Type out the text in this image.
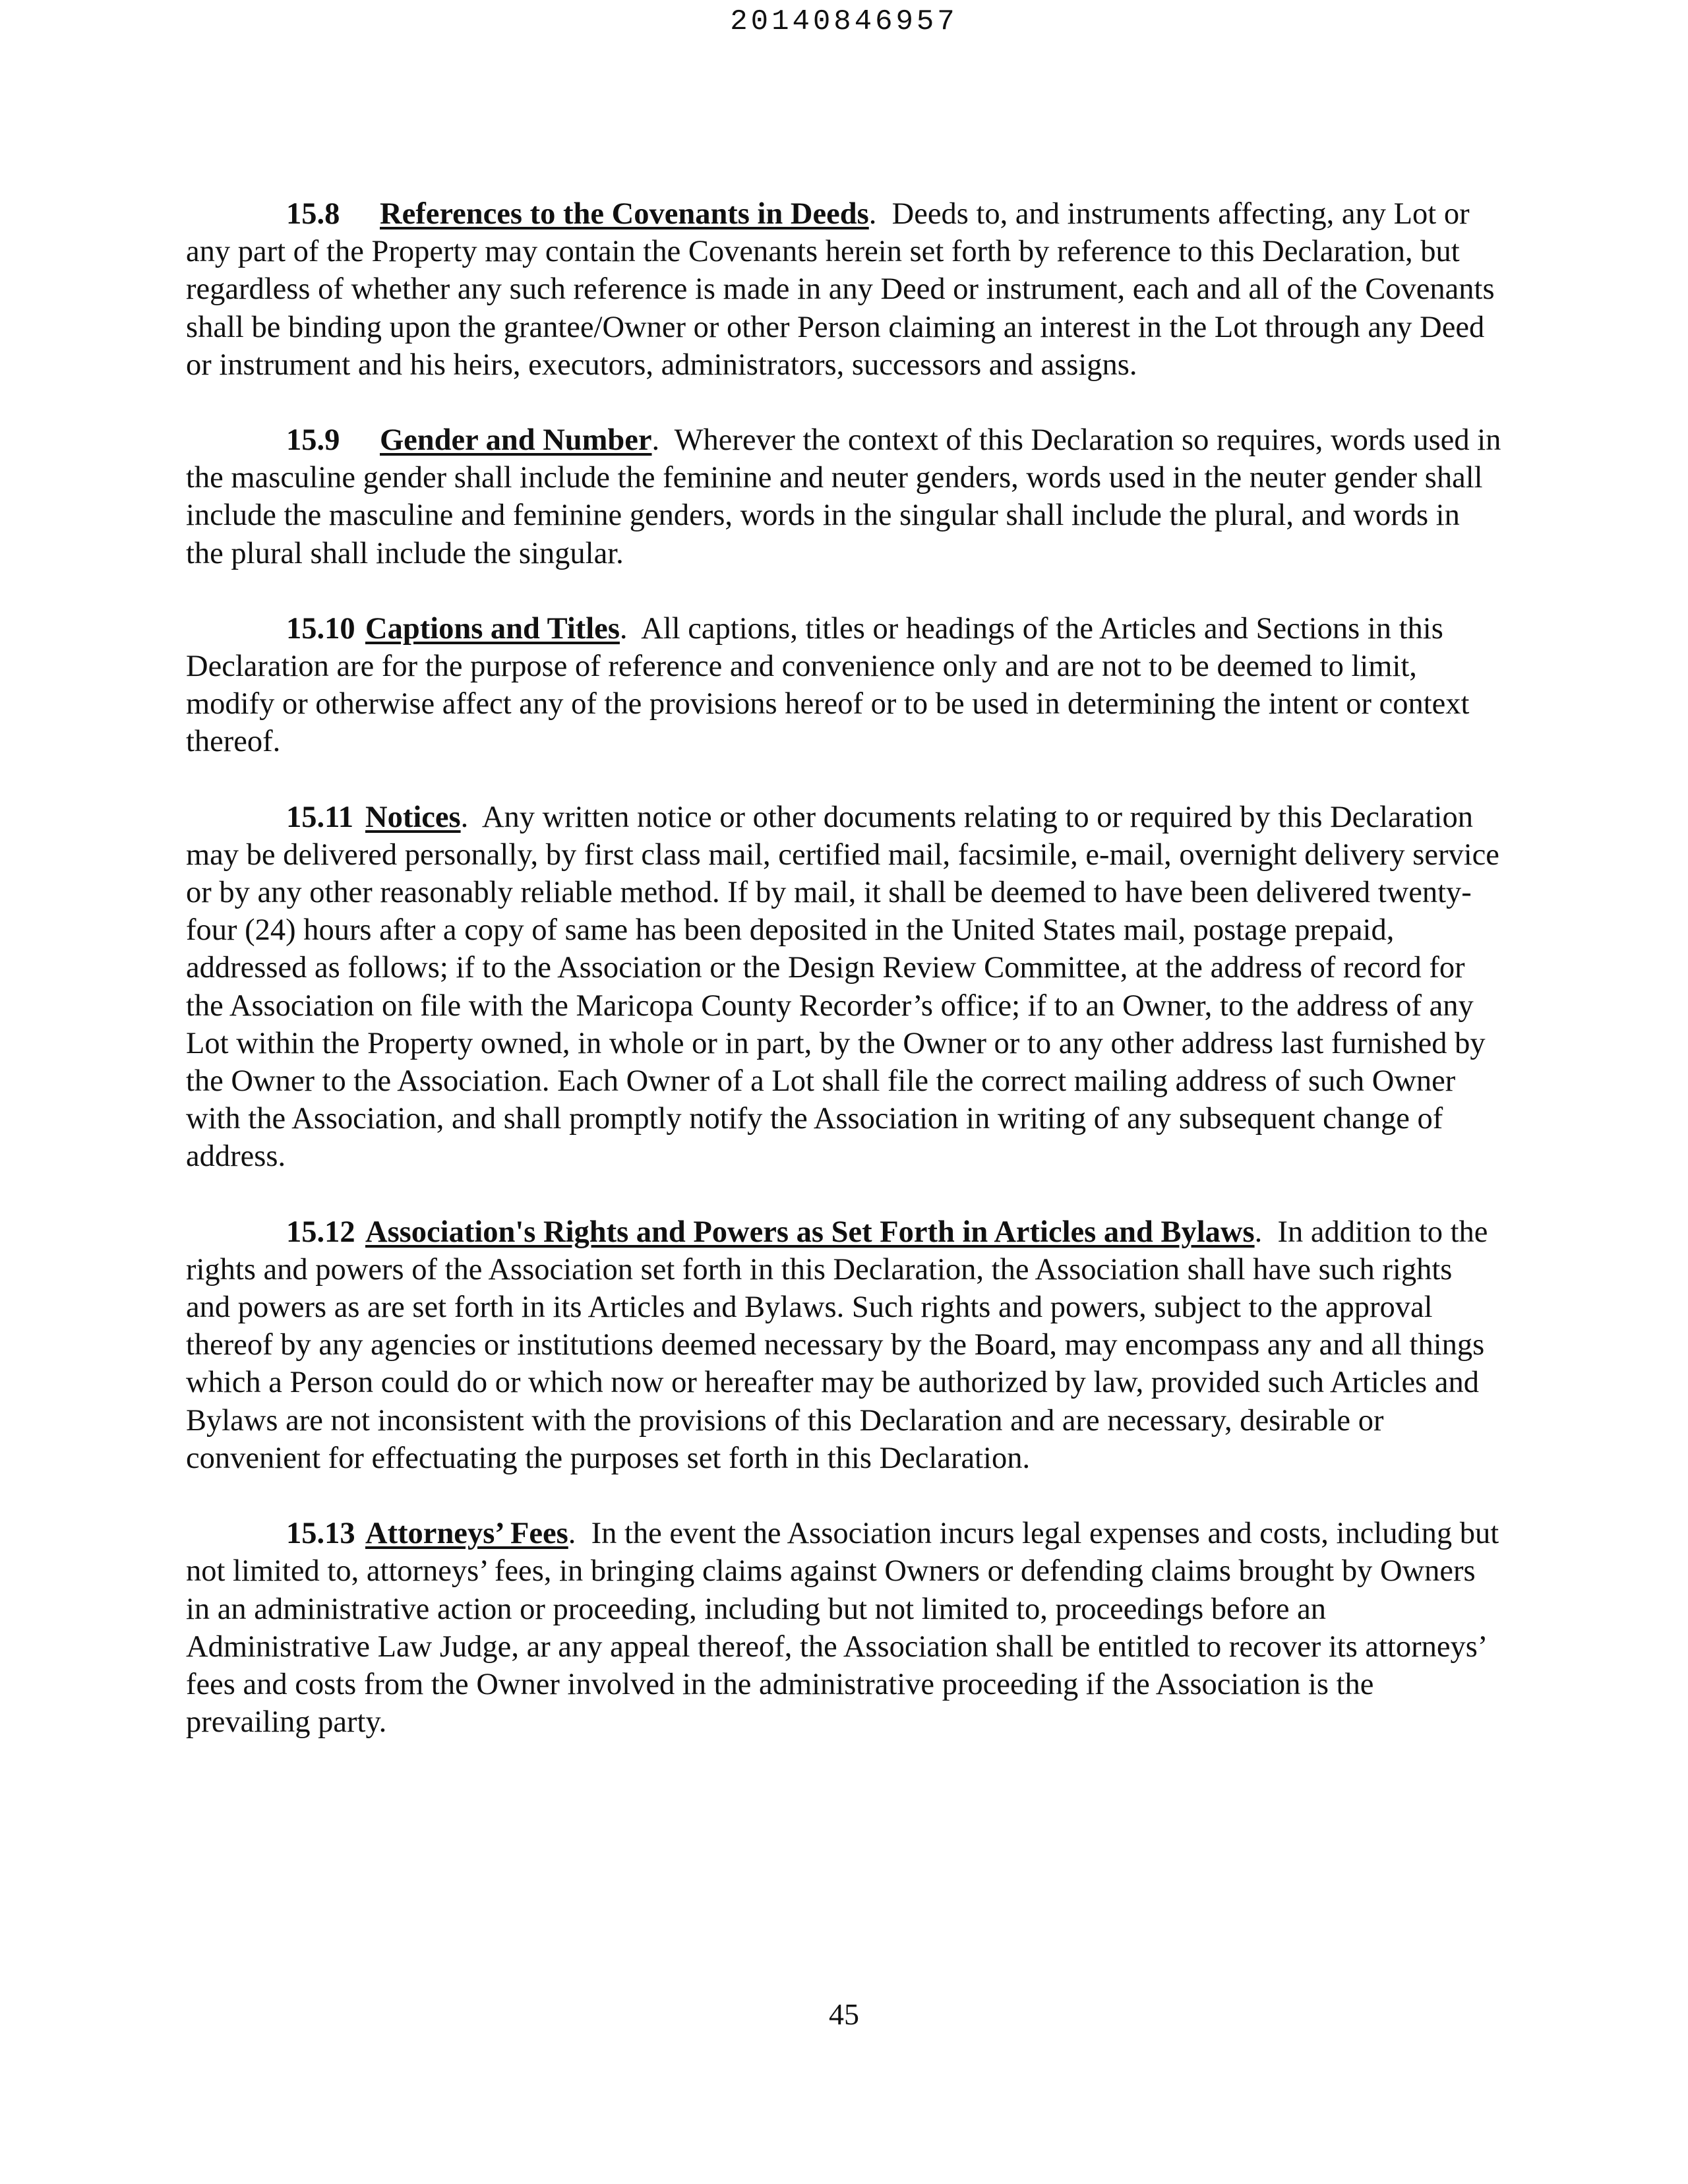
20140846957

15.8 References to the Covenants in Deeds.  Deeds to, and instruments affecting, any Lot or any part of the Property may contain the Covenants herein set forth by reference to this Declaration, but regardless of whether any such reference is made in any Deed or instrument, each and all of the Covenants shall be binding upon the grantee/Owner or other Person claiming an interest in the Lot through any Deed or instrument and his heirs, executors, administrators, successors and assigns.

15.9 Gender and Number.  Wherever the context of this Declaration so requires, words used in the masculine gender shall include the feminine and neuter genders, words used in the neuter gender shall include the masculine and feminine genders, words in the singular shall include the plural, and words in the plural shall include the singular.

15.10 Captions and Titles.  All captions, titles or headings of the Articles and Sections in this Declaration are for the purpose of reference and convenience only and are not to be deemed to limit, modify or otherwise affect any of the provisions hereof or to be used in determining the intent or context thereof.

15.11 Notices.  Any written notice or other documents relating to or required by this Declaration may be delivered personally, by first class mail, certified mail, facsimile, e-mail, overnight delivery service or by any other reasonably reliable method. If by mail, it shall be deemed to have been delivered twenty-four (24) hours after a copy of same has been deposited in the United States mail, postage prepaid, addressed as follows; if to the Association or the Design Review Committee, at the address of record for the Association on file with the Maricopa County Recorder’s office; if to an Owner, to the address of any Lot within the Property owned, in whole or in part, by the Owner or to any other address last furnished by the Owner to the Association. Each Owner of a Lot shall file the correct mailing address of such Owner with the Association, and shall promptly notify the Association in writing of any subsequent change of address.

15.12 Association's Rights and Powers as Set Forth in Articles and Bylaws.  In addition to the rights and powers of the Association set forth in this Declaration, the Association shall have such rights and powers as are set forth in its Articles and Bylaws. Such rights and powers, subject to the approval thereof by any agencies or institutions deemed necessary by the Board, may encompass any and all things which a Person could do or which now or hereafter may be authorized by law, provided such Articles and Bylaws are not inconsistent with the provisions of this Declaration and are necessary, desirable or convenient for effectuating the purposes set forth in this Declaration.

15.13 Attorneys’ Fees.  In the event the Association incurs legal expenses and costs, including but not limited to, attorneys’ fees, in bringing claims against Owners or defending claims brought by Owners in an administrative action or proceeding, including but not limited to, proceedings before an Administrative Law Judge, ar any appeal thereof, the Association shall be entitled to recover its attorneys’ fees and costs from the Owner involved in the administrative proceeding if the Association is the prevailing party.

45
